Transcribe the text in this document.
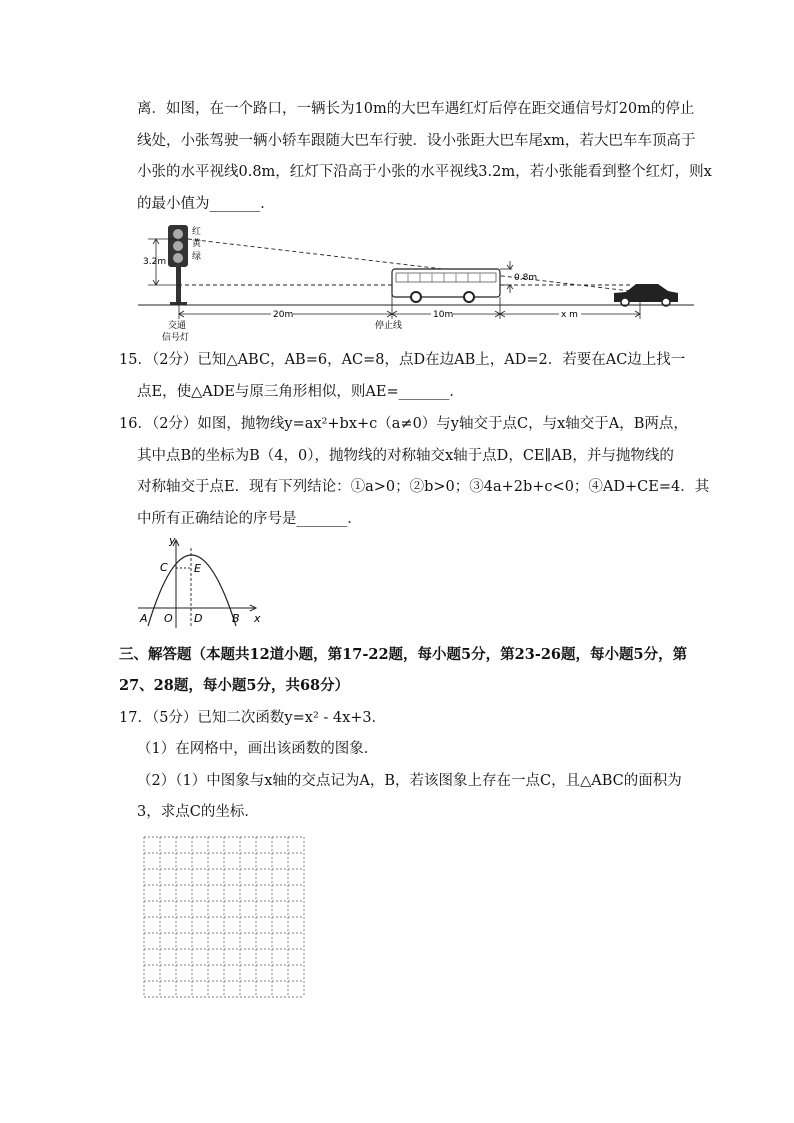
离．如图，在一个路口，一辆长为10m的大巴车遇红灯后停在距交通信号灯20m的停止
线处，小张驾驶一辆小轿车跟随大巴车行驶．设小张距大巴车尾xm，若大巴车车顶高于
小张的水平视线0.8m，红灯下沿高于小张的水平视线3.2m，若小张能看到整个红灯，则x
的最小值为_______．
红
黄
绿
3.2m
0.8m
20m	10m	x m
交通
信号灯
停止线
15．（2分）已知△ABC，AB=6，AC=8，点D在边AB上，AD=2．若要在AC边上找一
点E，使△ADE与原三角形相似，则AE=_______．
16．（2分）如图，抛物线y=ax²+bx+c（a≠0）与y轴交于点C，与x轴交于A，B两点，
其中点B的坐标为B（4，0），抛物线的对称轴交x轴于点D，CE∥AB，并与抛物线的
对称轴交于点E．现有下列结论：①a>0；②b>0；③4a+2b+c<0；④AD+CE=4．其
中所有正确结论的序号是_______．
y
x
C E
A O D	B
三、解答题（本题共12道小题，第17-22题，每小题5分，第23-26题，每小题5分，第
27、28题，每小题5分，共68分）
17．（5分）已知二次函数y=x² - 4x+3．
（1）在网格中，画出该函数的图象．
（2）（1）中图象与x轴的交点记为A，B，若该图象上存在一点C，且△ABC的面积为
3，求点C的坐标．
